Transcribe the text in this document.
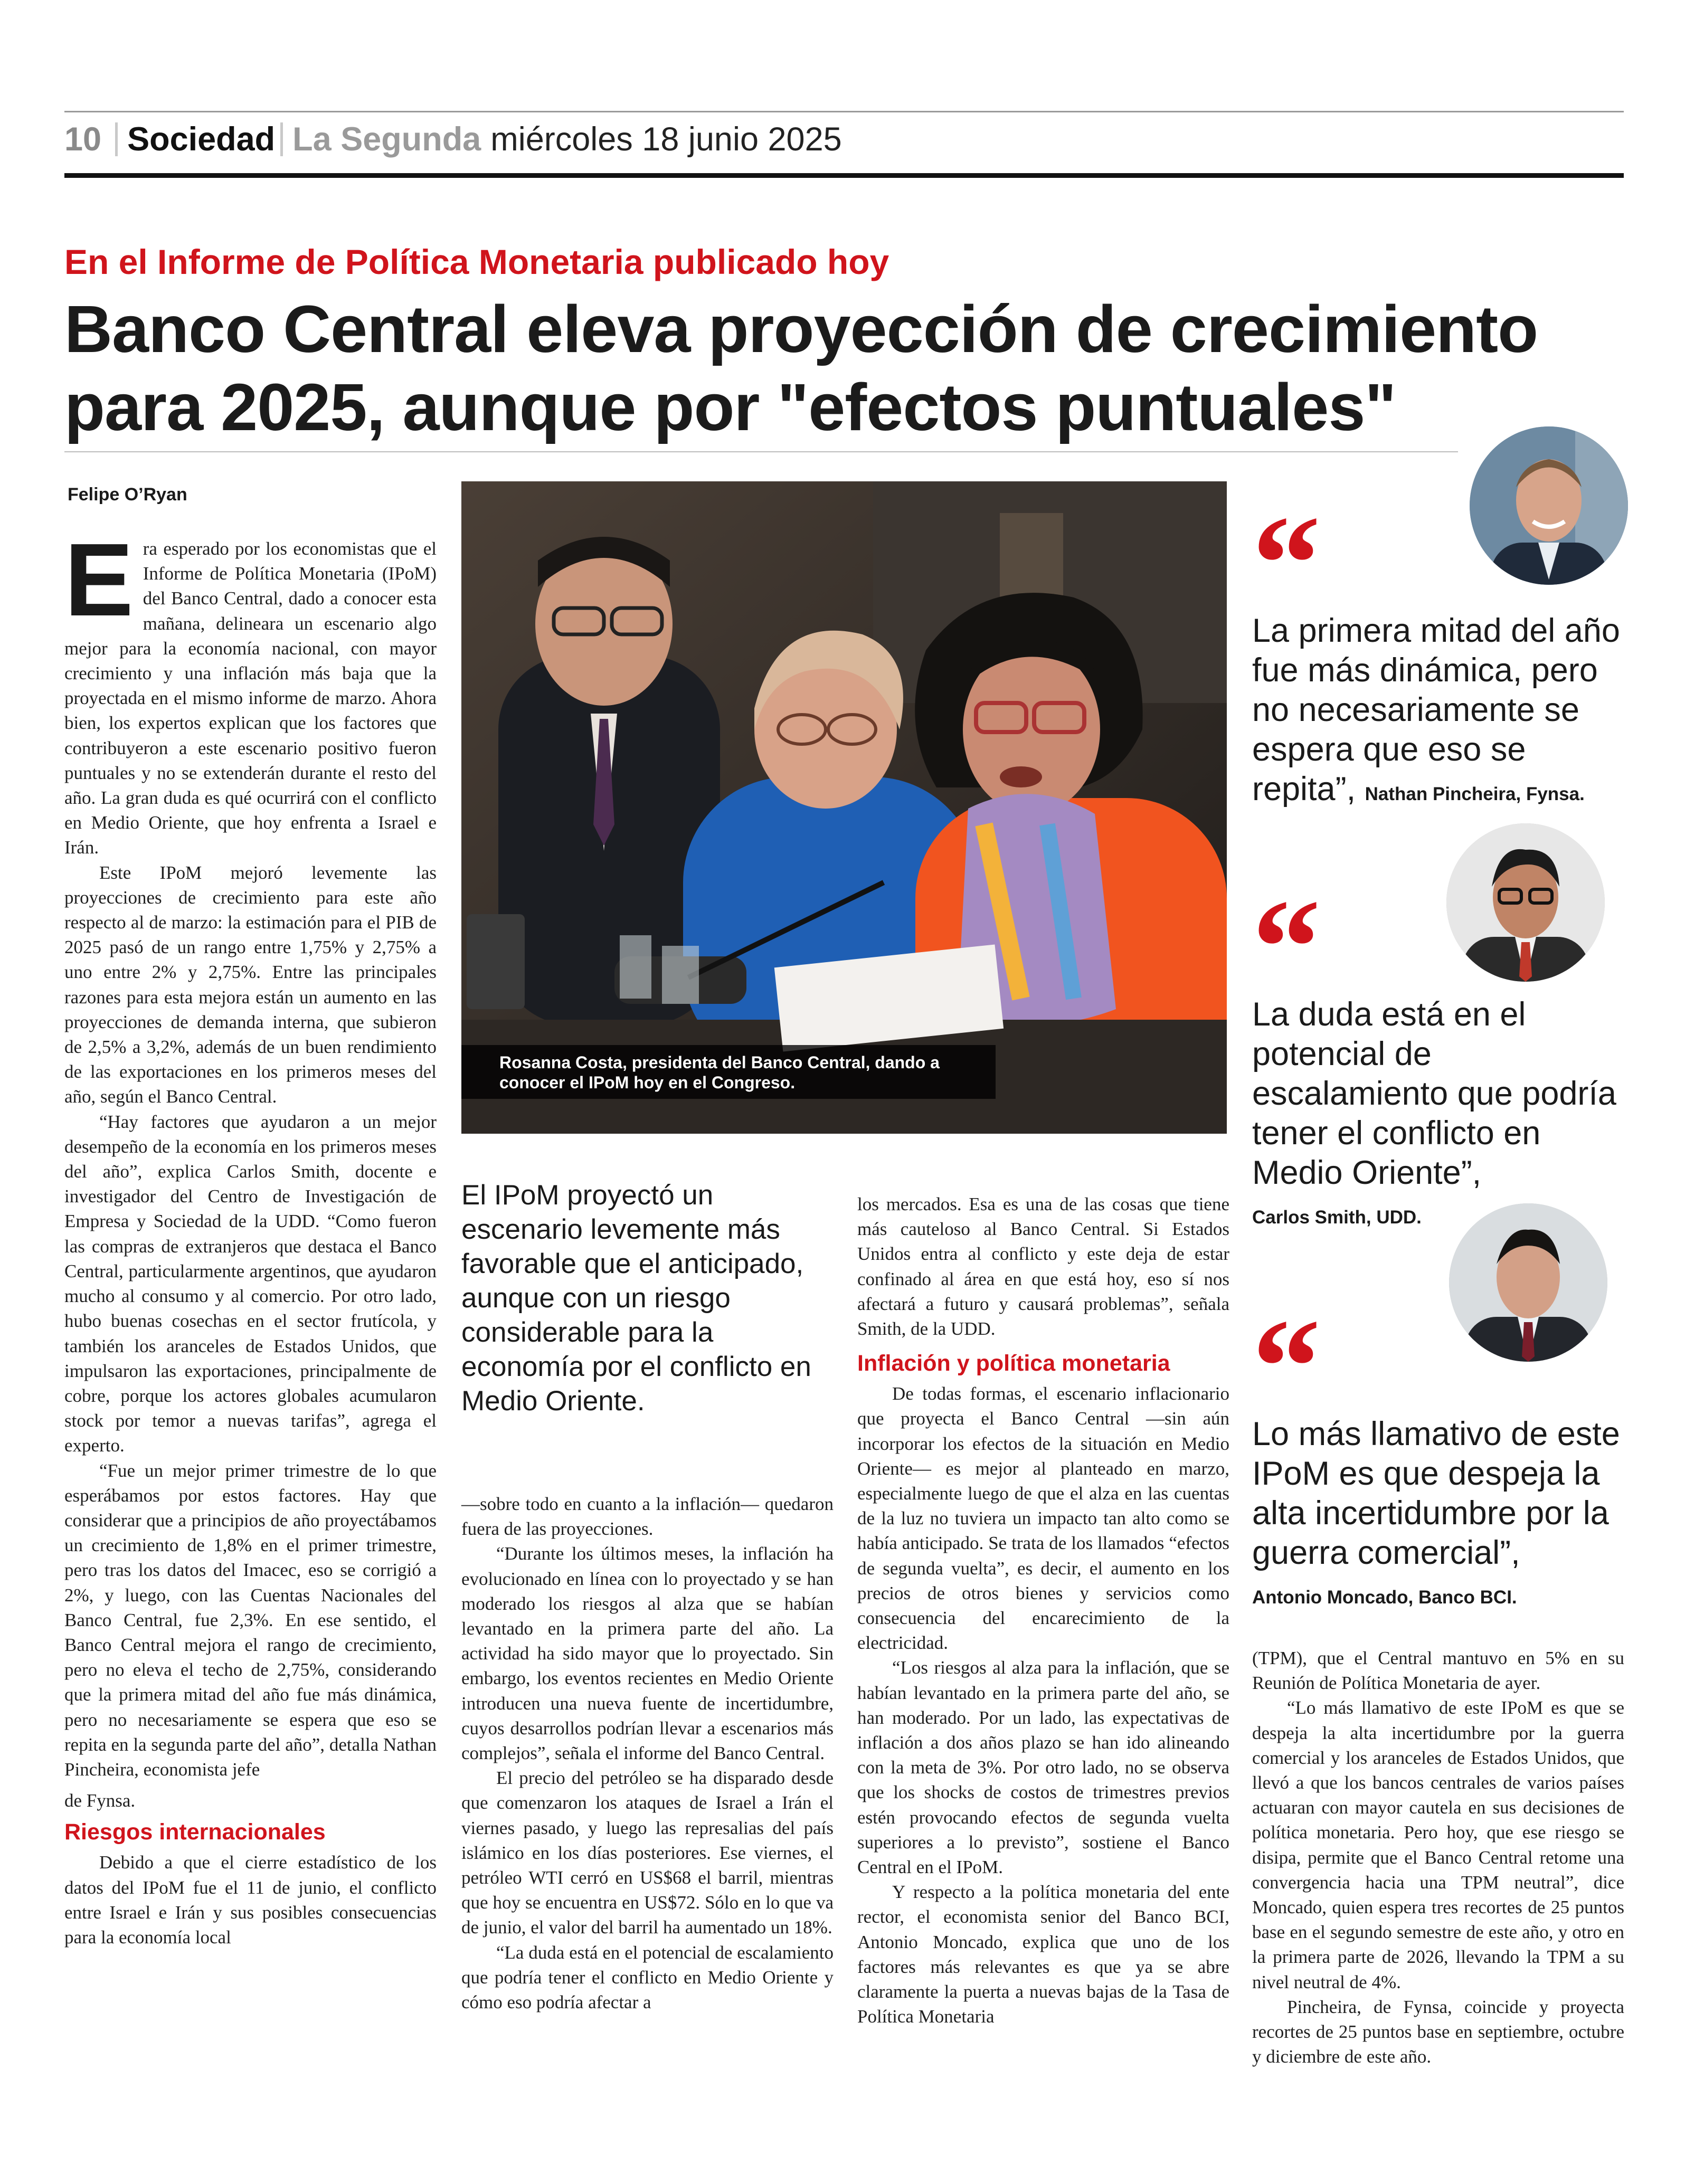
10 Sociedad La Segunda miércoles 18 junio 2025
En el Informe de Política Monetaria publicado hoy
Banco Central eleva proyección de crecimiento para 2025, aunque por "efectos puntuales"
Felipe O’Ryan

Era esperado por los economistas que el Informe de Política Monetaria (IPoM) del Banco Central, dado a conocer esta mañana, delineara un escenario algo mejor para la economía nacional, con mayor crecimiento y una inflación más baja que la proyectada en el mismo informe de marzo. Ahora bien, los expertos explican que los factores que contribuyeron a este escenario positivo fueron puntuales y no se extenderán durante el resto del año. La gran duda es qué ocurrirá con el conflicto en Medio Oriente, que hoy enfrenta a Israel e Irán.

Este IPoM mejoró levemente las proyecciones de crecimiento para este año respecto al de marzo: la estimación para el PIB de 2025 pasó de un rango entre 1,75% y 2,75% a uno entre 2% y 2,75%. Entre las principales razones para esta mejora están un aumento en las proyecciones de demanda interna, que subieron de 2,5% a 3,2%, además de un buen rendimiento de las exportaciones en los primeros meses del año, según el Banco Central.

“Hay factores que ayudaron a un mejor desempeño de la economía en los primeros meses del año”, explica Carlos Smith, docente e investigador del Centro de Investigación de Empresa y Sociedad de la UDD. “Como fueron las compras de extranjeros que destaca el Banco Central, particularmente argentinos, que ayudaron mucho al consumo y al comercio. Por otro lado, hubo buenas cosechas en el sector frutícola, y también los aranceles de Estados Unidos, que impulsaron las exportaciones, principalmente de cobre, porque los actores globales acumularon stock por temor a nuevas tarifas”, agrega el experto.

“Fue un mejor primer trimestre de lo que esperábamos por estos factores. Hay que considerar que a principios de año proyectábamos un crecimiento de 1,8% en el primer trimestre, pero tras los datos del Imacec, eso se corrigió a 2%, y luego, con las Cuentas Nacionales del Banco Central, fue 2,3%. En ese sentido, el Banco Central mejora el rango de crecimiento, pero no eleva el techo de 2,75%, considerando que la primera mitad del año fue más dinámica, pero no necesariamente se espera que eso se repita en la segunda parte del año”, detalla Nathan Pincheira, economista jefe

de Fynsa.

Riesgos internacionales

Debido a que el cierre estadístico de los datos del IPoM fue el 11 de junio, el conflicto entre Israel e Irán y sus posibles consecuencias para la economía local

Rosanna Costa, presidenta del Banco Central, dando a conocer el IPoM hoy en el Congreso.
El IPoM proyectó un escenario levemente más favorable que el anticipado, aunque con un riesgo considerable para la economía por el conflicto en Medio Oriente.

—sobre todo en cuanto a la inflación— quedaron fuera de las proyecciones.

“Durante los últimos meses, la inflación ha evolucionado en línea con lo proyectado y se han moderado los riesgos al alza que se habían levantado en la primera parte del año. La actividad ha sido mayor que lo proyectado. Sin embargo, los eventos recientes en Medio Oriente introducen una nueva fuente de incertidumbre, cuyos desarrollos podrían llevar a escenarios más complejos”, señala el informe del Banco Central.

El precio del petróleo se ha disparado desde que comenzaron los ataques de Israel a Irán el viernes pasado, y luego las represalias del país islámico en los días posteriores. Ese viernes, el petróleo WTI cerró en US$68 el barril, mientras que hoy se encuentra en US$72. Sólo en lo que va de junio, el valor del barril ha aumentado un 18%.

“La duda está en el potencial de escalamiento que podría tener el conflicto en Medio Oriente y cómo eso podría afectar a

los mercados. Esa es una de las cosas que tiene más cauteloso al Banco Central. Si Estados Unidos entra al conflicto y este deja de estar confinado al área en que está hoy, eso sí nos afectará a futuro y causará problemas”, señala Smith, de la UDD.

Inflación y política monetaria

De todas formas, el escenario inflacionario que proyecta el Banco Central —sin aún incorporar los efectos de la situación en Medio Oriente— es mejor al planteado en marzo, especialmente luego de que el alza en las cuentas de la luz no tuviera un impacto tan alto como se había anticipado. Se trata de los llamados “efectos de segunda vuelta”, es decir, el aumento en los precios de otros bienes y servicios como consecuencia del encarecimiento de la electricidad.

“Los riesgos al alza para la inflación, que se habían levantado en la primera parte del año, se han moderado. Por un lado, las expectativas de inflación a dos años plazo se han ido alineando con la meta de 3%. Por otro lado, no se observa que los shocks de costos de trimestres previos estén provocando efectos de segunda vuelta superiores a lo previsto”, sostiene el Banco Central en el IPoM.

Y respecto a la política monetaria del ente rector, el economista senior del Banco BCI, Antonio Moncado, explica que uno de los factores más relevantes es que ya se abre claramente la puerta a nuevas bajas de la Tasa de Política Monetaria

“
La primera mitad del año fue más dinámica, pero no necesariamente se espera que eso se repita”, Nathan Pincheira, Fynsa.
“
La duda está en el potencial de escalamiento que podría tener el conflicto en Medio Oriente”,
Carlos Smith, UDD.
“
Lo más llamativo de este IPoM es que despeja la alta incertidumbre por la guerra comercial”,
Antonio Moncado, Banco BCI.

(TPM), que el Central mantuvo en 5% en su Reunión de Política Monetaria de ayer.

“Lo más llamativo de este IPoM es que se despeja la alta incertidumbre por la guerra comercial y los aranceles de Estados Unidos, que llevó a que los bancos centrales de varios países actuaran con mayor cautela en sus decisiones de política monetaria. Pero hoy, que ese riesgo se disipa, permite que el Banco Central retome una convergencia hacia una TPM neutral”, dice Moncado, quien espera tres recortes de 25 puntos base en el segundo semestre de este año, y otro en la primera parte de 2026, llevando la TPM a su nivel neutral de 4%.

Pincheira, de Fynsa, coincide y proyecta recortes de 25 puntos base en septiembre, octubre y diciembre de este año.
